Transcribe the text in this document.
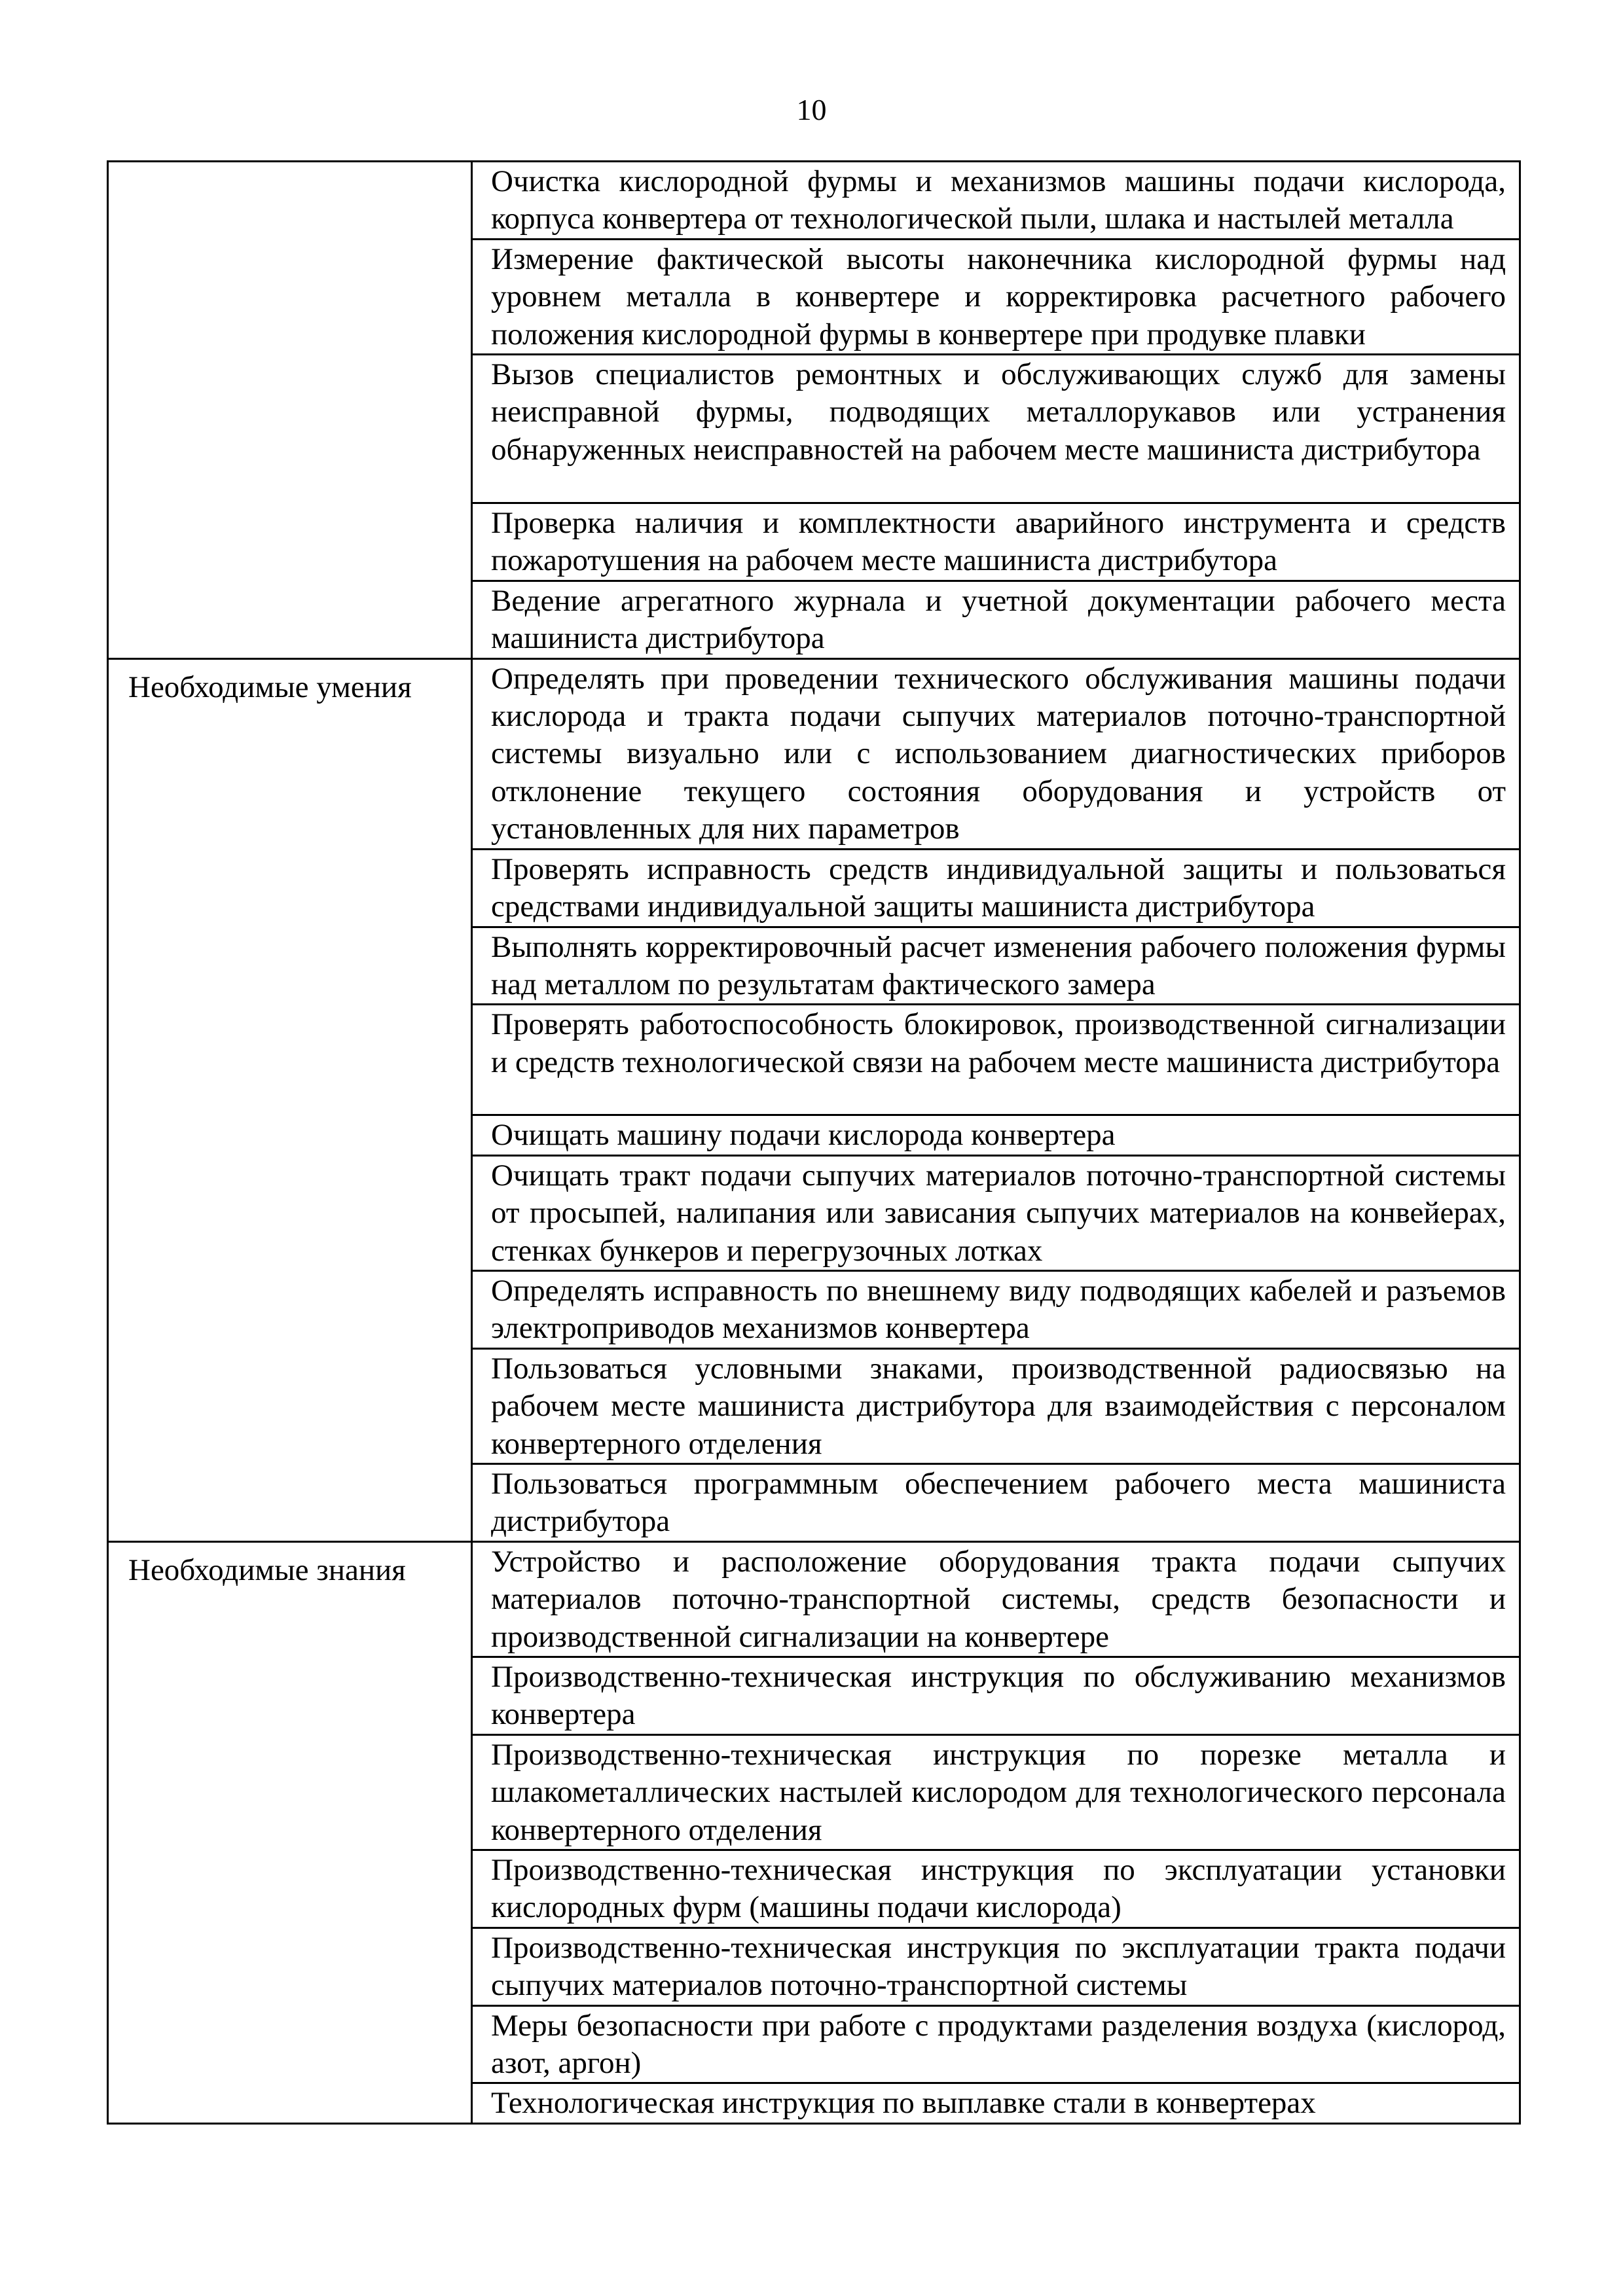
10
	Очистка кислородной фурмы и механизмов машины подачи кислорода, корпуса конвертера от технологической пыли, шлака и настылей металла
	Измерение фактической высоты наконечника кислородной фурмы над уровнем металла в конвертере и корректировка расчетного рабочего положения кислородной фурмы в конвертере при продувке плавки
	Вызов специалистов ремонтных и обслуживающих служб для замены неисправной фурмы, подводящих металлорукавов или устранения обнаруженных неисправностей на рабочем месте машиниста дистрибутора
	Проверка наличия и комплектности аварийного инструмента и средств пожаротушения на рабочем месте машиниста дистрибутора
	Ведение агрегатного журнала и учетной документации рабочего места машиниста дистрибутора
Необходимые умения	Определять при проведении технического обслуживания машины подачи кислорода и тракта подачи сыпучих материалов поточно-транспортной системы визуально или с использованием диагностических приборов отклонение текущего состояния оборудования и устройств от установленных для них параметров
	Проверять исправность средств индивидуальной защиты и пользоваться средствами индивидуальной защиты машиниста дистрибутора
	Выполнять корректировочный расчет изменения рабочего положения фурмы над металлом по результатам фактического замера
	Проверять работоспособность блокировок, производственной сигнализации и средств технологической связи на рабочем месте машиниста дистрибутора
	Очищать машину подачи кислорода конвертера
	Очищать тракт подачи сыпучих материалов поточно-транспортной системы от просыпей, налипания или зависания сыпучих материалов на конвейерах, стенках бункеров и перегрузочных лотках
	Определять исправность по внешнему виду подводящих кабелей и разъемов электроприводов механизмов конвертера
	Пользоваться условными знаками, производственной радиосвязью на рабочем месте машиниста дистрибутора для взаимодействия с персоналом конвертерного отделения
	Пользоваться программным обеспечением рабочего места машиниста дистрибутора
Необходимые знания	Устройство и расположение оборудования тракта подачи сыпучих материалов поточно-транспортной системы, средств безопасности и производственной сигнализации на конвертере
	Производственно-техническая инструкция по обслуживанию механизмов конвертера
	Производственно-техническая инструкция по порезке металла и шлакометаллических настылей кислородом для технологического персонала конвертерного отделения
	Производственно-техническая инструкция по эксплуатации установки кислородных фурм (машины подачи кислорода)
	Производственно-техническая инструкция по эксплуатации тракта подачи сыпучих материалов поточно-транспортной системы
	Меры безопасности при работе с продуктами разделения воздуха (кислород, азот, аргон)
	Технологическая инструкция по выплавке стали в конвертерах
